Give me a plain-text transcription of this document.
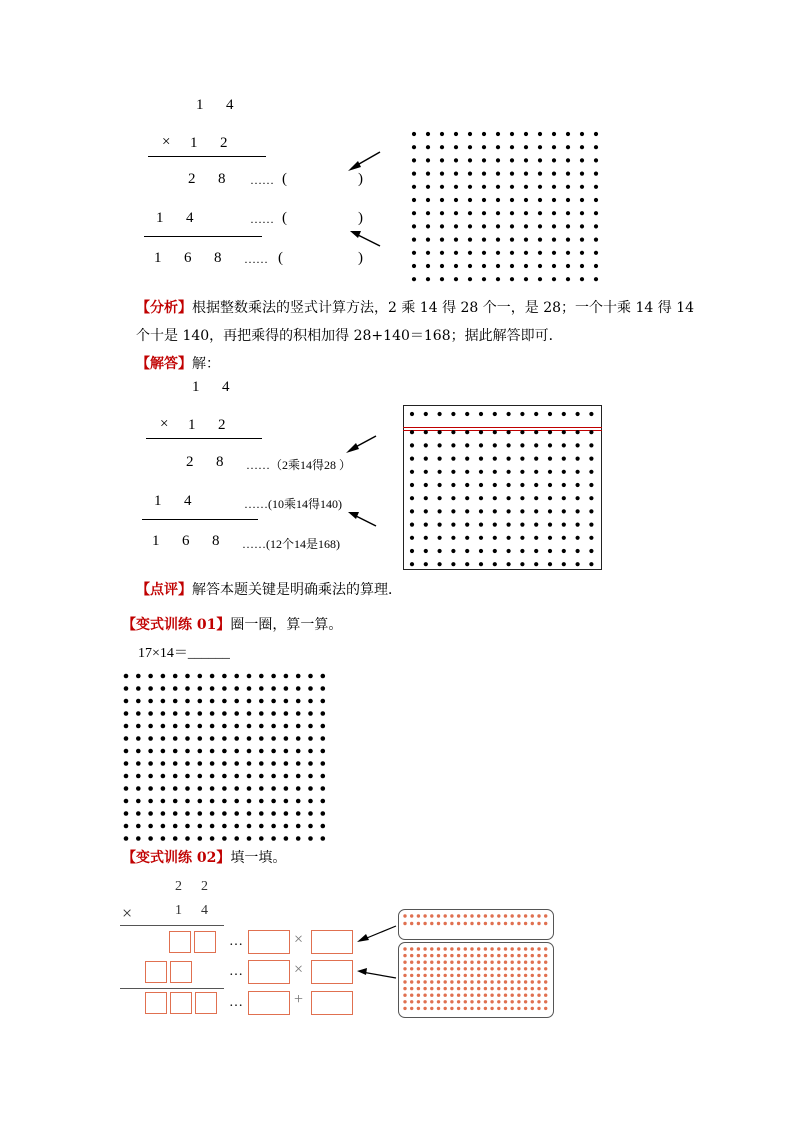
1 4
× 1 2
2 8 …… (	)
1 4	…… (	)
1 6 8 …… (	)
【分析】根据整数乘法的竖式计算方法，2 乘 14 得 28 个一，是 28；一个十乘 14 得 14
个十是 140，再把乘得的积相加得 28+140＝168；据此解答即可．
【解答】解：
1 4
× 1 2
2 8 ……（2乘14得28 ）
1 4	……(10乘14得140)
1 6 8 ……(12个14是168)
【点评】解答本题关键是明确乘法的算理．
【变式训练 01】圈一圈，算一算。
17×14＝______
【变式训练 02】填一填。
2 2
×	1 4
…	×
…	×
…	+
